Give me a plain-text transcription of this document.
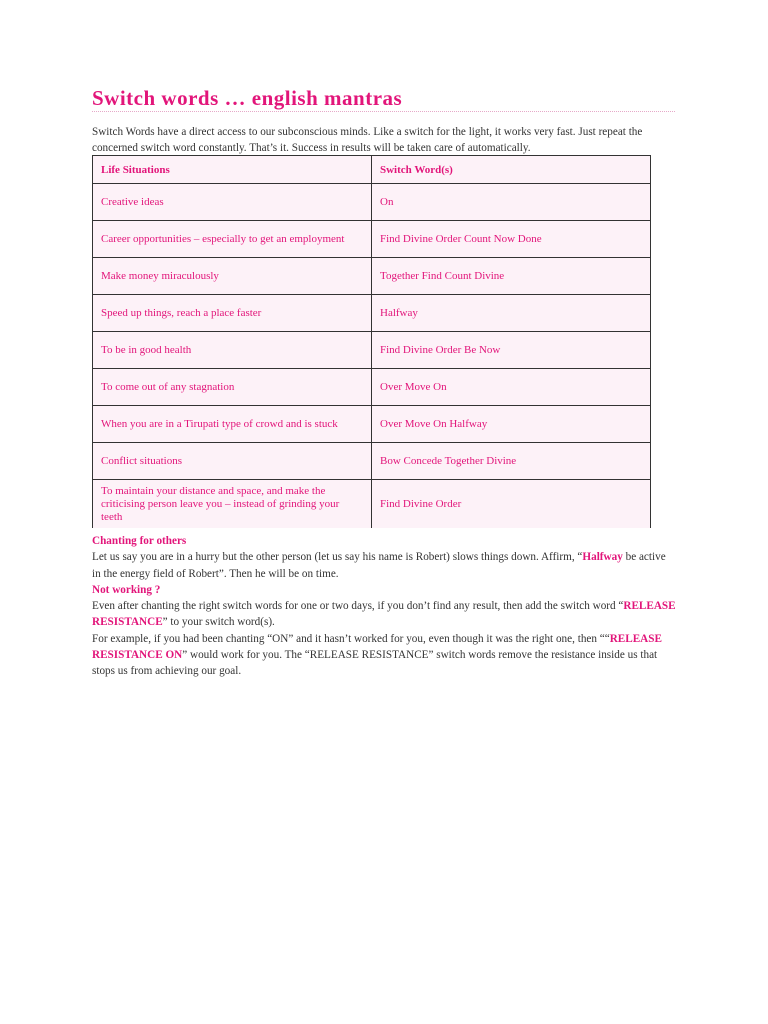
Switch words … english mantras

Switch Words have a direct access to our subconscious minds. Like a switch for the light, it works very fast. Just repeat the concerned switch word constantly. That’s it. Success in results will be taken care of automatically.

Life Situations	Switch Word(s)
Creative ideas	On
Career opportunities – especially to get an employment	Find Divine Order Count Now Done
Make money miraculously	Together Find Count Divine
Speed up things, reach a place faster	Halfway
To be in good health	Find Divine Order Be Now
To come out of any stagnation	Over Move On
When you are in a Tirupati type of crowd and is stuck	Over Move On Halfway
Conflict situations	Bow Concede Together Divine
To maintain your distance and space, and make the criticising person leave you – instead of grinding your teeth	Find Divine Order

Chanting for others

Let us say you are in a hurry but the other person (let us say his name is Robert) slows things down. Affirm, “Halfway be active in the energy field of Robert”. Then he will be on time.

Not working ?

Even after chanting the right switch words for one or two days, if you don’t find any result, then add the switch word “RELEASE RESISTANCE” to your switch word(s).

For example, if you had been chanting “ON” and it hasn’t worked for you, even though it was the right one, then ““RELEASE RESISTANCE ON” would work for you. The “RELEASE RESISTANCE” switch words remove the resistance inside us that stops us from achieving our goal.
